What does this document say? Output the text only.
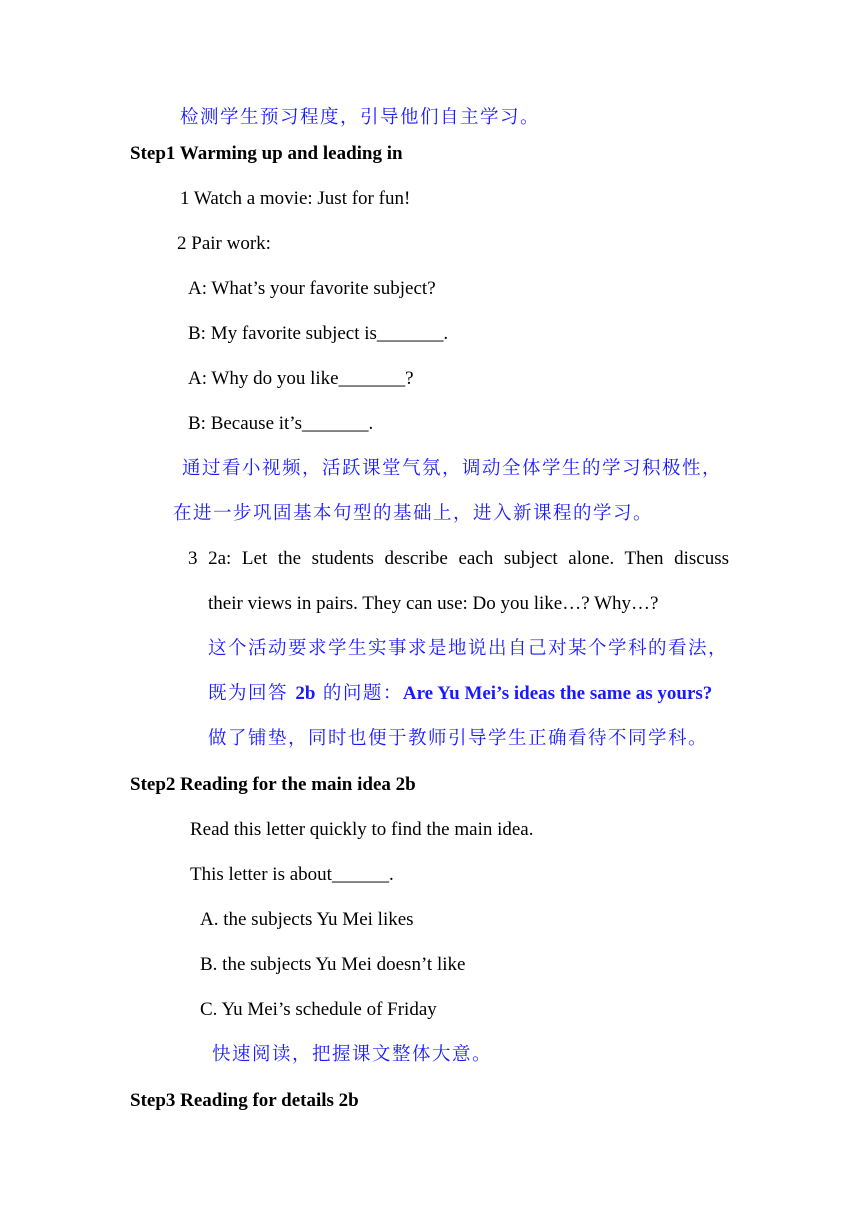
检测学生预习程度，引导他们自主学习。
Step1 Warming up and leading in
1 Watch a movie: Just for fun!
2 Pair work:
A: What’s your favorite subject?
B: My favorite subject is_______.
A: Why do you like_______?
B: Because it’s_______.
通过看小视频，活跃课堂气氛，调动全体学生的学习积极性，
在进一步巩固基本句型的基础上，进入新课程的学习。
3 2a: Let the students describe each subject alone. Then discuss
their views in pairs. They can use: Do you like…? Why…?
这个活动要求学生实事求是地说出自己对某个学科的看法，
既为回答 2b 的问题：Are Yu Mei’s ideas the same as yours?
做了铺垫，同时也便于教师引导学生正确看待不同学科。
Step2 Reading for the main idea 2b
Read this letter quickly to find the main idea.
This letter is about______.
A. the subjects Yu Mei likes
B. the subjects Yu Mei doesn’t like
C. Yu Mei’s schedule of Friday
快速阅读，把握课文整体大意。
Step3 Reading for details 2b
